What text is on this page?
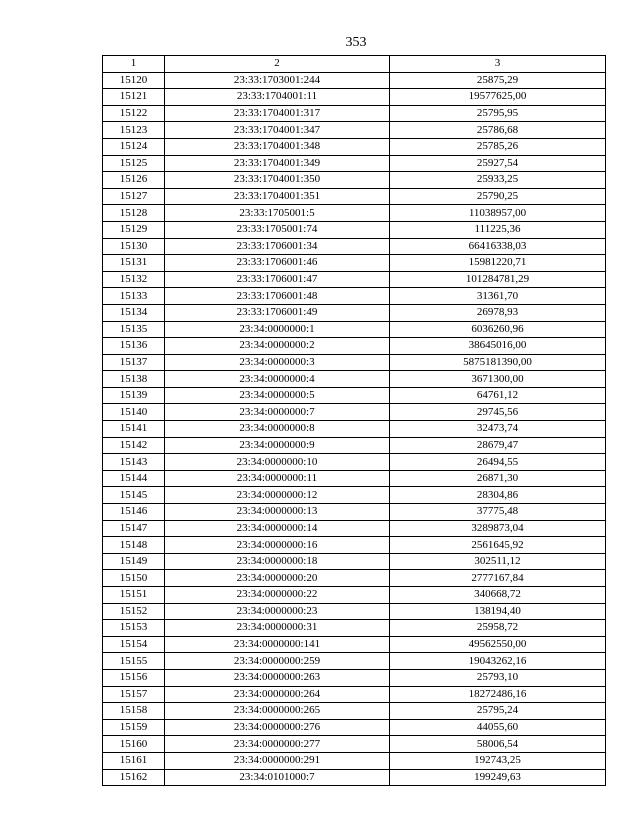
353
1	2	3
15120	23:33:1703001:244	25875,29
15121	23:33:1704001:11	19577625,00
15122	23:33:1704001:317	25795,95
15123	23:33:1704001:347	25786,68
15124	23:33:1704001:348	25785,26
15125	23:33:1704001:349	25927,54
15126	23:33:1704001:350	25933,25
15127	23:33:1704001:351	25790,25
15128	23:33:1705001:5	11038957,00
15129	23:33:1705001:74	111225,36
15130	23:33:1706001:34	66416338,03
15131	23:33:1706001:46	15981220,71
15132	23:33:1706001:47	101284781,29
15133	23:33:1706001:48	31361,70
15134	23:33:1706001:49	26978,93
15135	23:34:0000000:1	6036260,96
15136	23:34:0000000:2	38645016,00
15137	23:34:0000000:3	5875181390,00
15138	23:34:0000000:4	3671300,00
15139	23:34:0000000:5	64761,12
15140	23:34:0000000:7	29745,56
15141	23:34:0000000:8	32473,74
15142	23:34:0000000:9	28679,47
15143	23:34:0000000:10	26494,55
15144	23:34:0000000:11	26871,30
15145	23:34:0000000:12	28304,86
15146	23:34:0000000:13	37775,48
15147	23:34:0000000:14	3289873,04
15148	23:34:0000000:16	2561645,92
15149	23:34:0000000:18	302511,12
15150	23:34:0000000:20	2777167,84
15151	23:34:0000000:22	340668,72
15152	23:34:0000000:23	138194,40
15153	23:34:0000000:31	25958,72
15154	23:34:0000000:141	49562550,00
15155	23:34:0000000:259	19043262,16
15156	23:34:0000000:263	25793,10
15157	23:34:0000000:264	18272486,16
15158	23:34:0000000:265	25795,24
15159	23:34:0000000:276	44055,60
15160	23:34:0000000:277	58006,54
15161	23:34:0000000:291	192743,25
15162	23:34:0101000:7	199249,63
